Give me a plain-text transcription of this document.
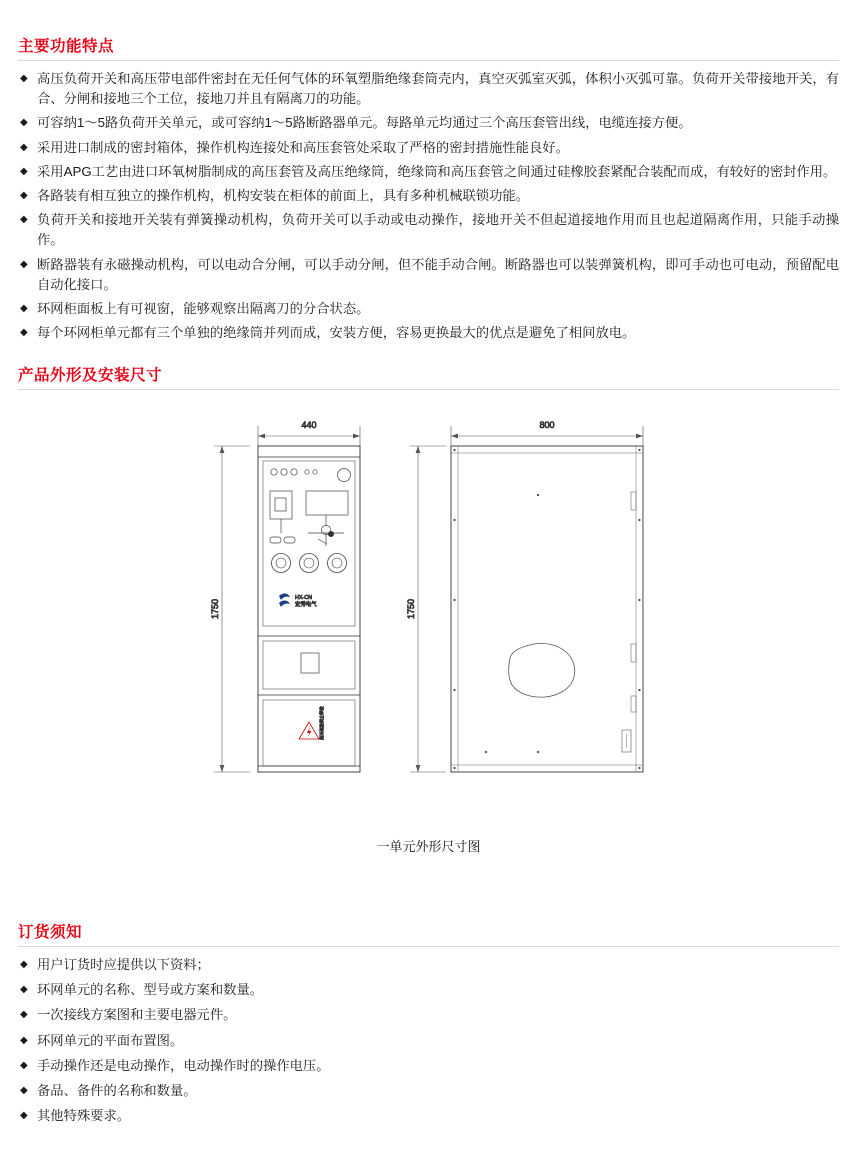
主要功能特点
◆ 高压负荷开关和高压带电部件密封在无任何气体的环氧塑脂绝缘套筒壳内，真空灭弧室灭弧，体积小灭弧可靠。负荷开关带接地开关，有合、分闸和接地三个工位，接地刀并且有隔离刀的功能。
◆ 可容纳1～5路负荷开关单元，或可容纳1～5路断路器单元。每路单元均通过三个高压套管出线，电缆连接方便。
◆ 采用进口制成的密封箱体，操作机构连接处和高压套管处采取了严格的密封措施性能良好。
◆ 采用APG工艺由进口环氧树脂制成的高压套管及高压绝缘筒，绝缘筒和高压套管之间通过硅橡胶套紧配合装配而成，有较好的密封作用。
◆ 各路装有相互独立的操作机构，机构安装在柜体的前面上，具有多种机械联锁功能。
◆ 负荷开关和接地开关装有弹簧操动机构，负荷开关可以手动或电动操作，接地开关不但起道接地作用而且也起道隔离作用，只能手动操作。
◆ 断路器装有永磁操动机构，可以电动合分闸，可以手动分闸，但不能手动合闸。断路器也可以装弹簧机构，即可手动也可电动，预留配电自动化接口。
◆ 环网柜面板上有可视窗，能够观察出隔离刀的分合状态。
◆ 每个环网柜单元都有三个单独的绝缘筒并列而成，安装方便，容易更换最大的优点是避免了相间放电。
产品外形及安装尺寸
440
1750
HX-CN
宏秀电气
高压危险禁止攀登
800
1750
一单元外形尺寸图
订货须知
◆ 用户订货时应提供以下资料；
◆ 环网单元的名称、型号或方案和数量。
◆ 一次接线方案图和主要电器元件。
◆ 环网单元的平面布置图。
◆ 手动操作还是电动操作，电动操作时的操作电压。
◆ 备品、备件的名称和数量。
◆ 其他特殊要求。
